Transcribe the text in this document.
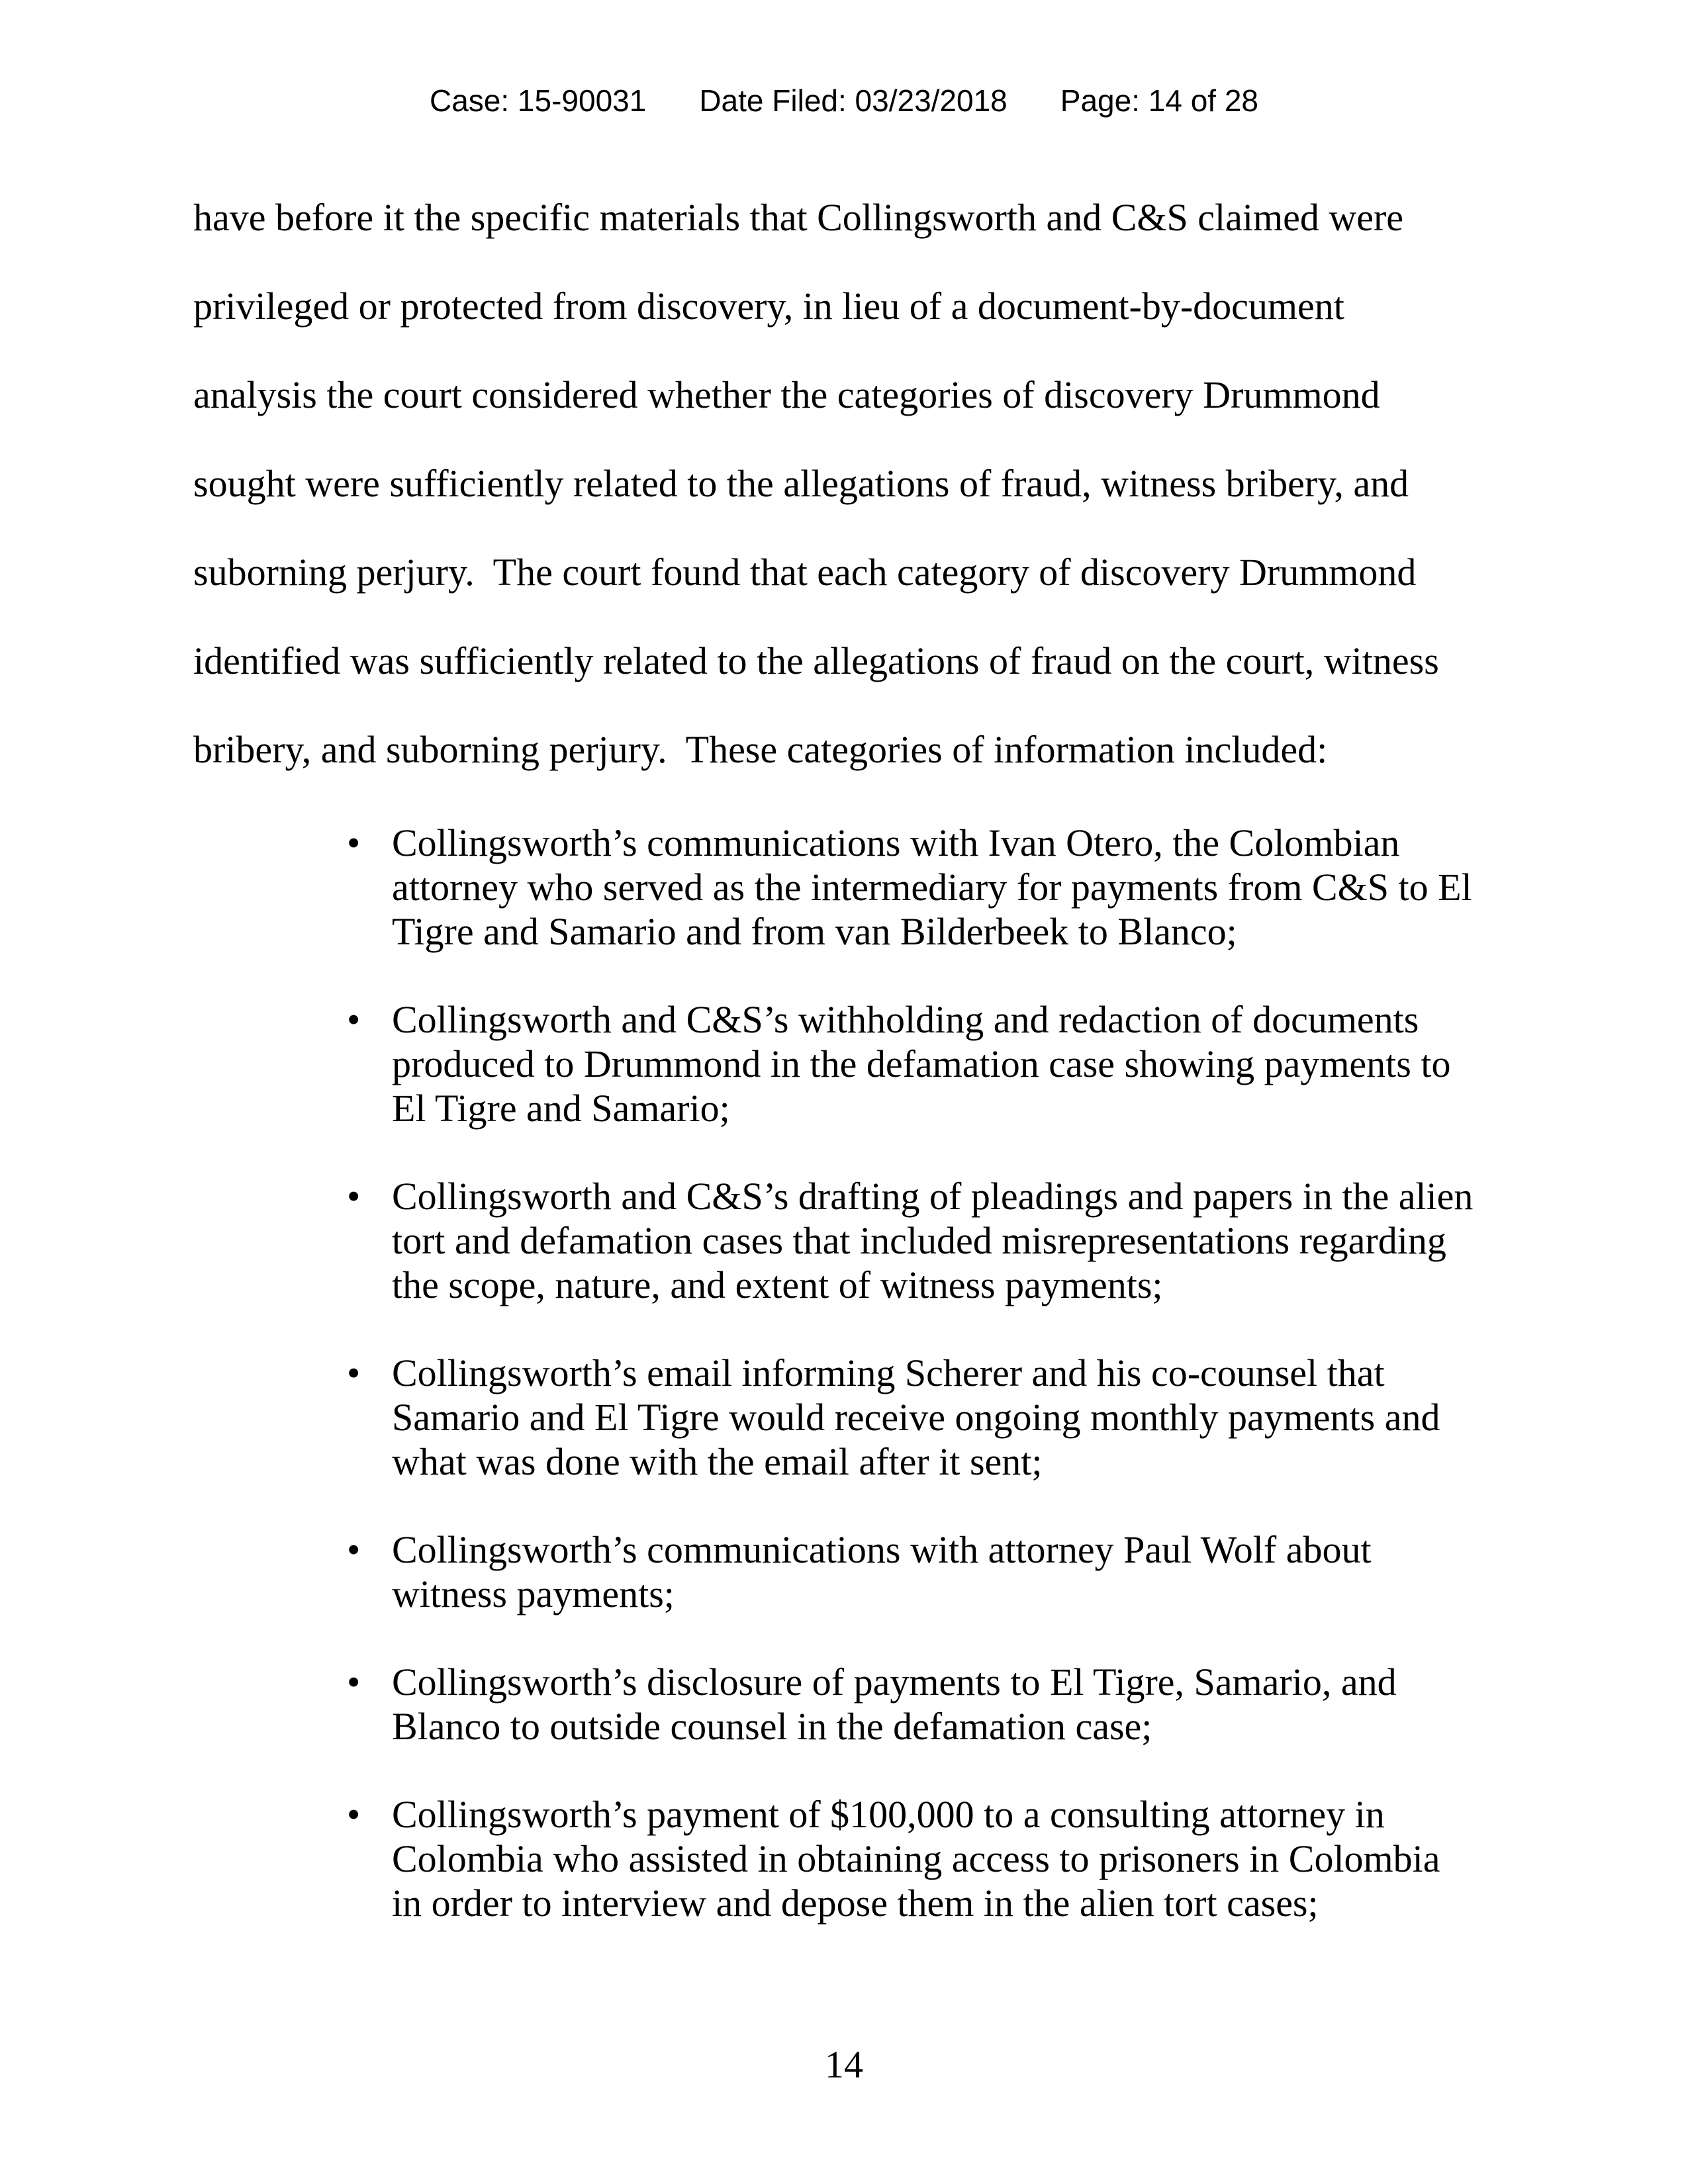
Case: 15-90031 Date Filed: 03/23/2018 Page: 14 of 28
have before it the specific materials that Collingsworth and C&S claimed were
privileged or protected from discovery, in lieu of a document-by-document
analysis the court considered whether the categories of discovery Drummond
sought were sufficiently related to the allegations of fraud, witness bribery, and
suborning perjury.  The court found that each category of discovery Drummond
identified was sufficiently related to the allegations of fraud on the court, witness
bribery, and suborning perjury.  These categories of information included:
• Collingsworth’s communications with Ivan Otero, the Colombian
attorney who served as the intermediary for payments from C&S to El
Tigre and Samario and from van Bilderbeek to Blanco;
• Collingsworth and C&S’s withholding and redaction of documents
produced to Drummond in the defamation case showing payments to
El Tigre and Samario;
• Collingsworth and C&S’s drafting of pleadings and papers in the alien
tort and defamation cases that included misrepresentations regarding
the scope, nature, and extent of witness payments;
• Collingsworth’s email informing Scherer and his co-counsel that
Samario and El Tigre would receive ongoing monthly payments and
what was done with the email after it sent;
• Collingsworth’s communications with attorney Paul Wolf about
witness payments;
• Collingsworth’s disclosure of payments to El Tigre, Samario, and
Blanco to outside counsel in the defamation case;
• Collingsworth’s payment of $100,000 to a consulting attorney in
Colombia who assisted in obtaining access to prisoners in Colombia
in order to interview and depose them in the alien tort cases;
14
